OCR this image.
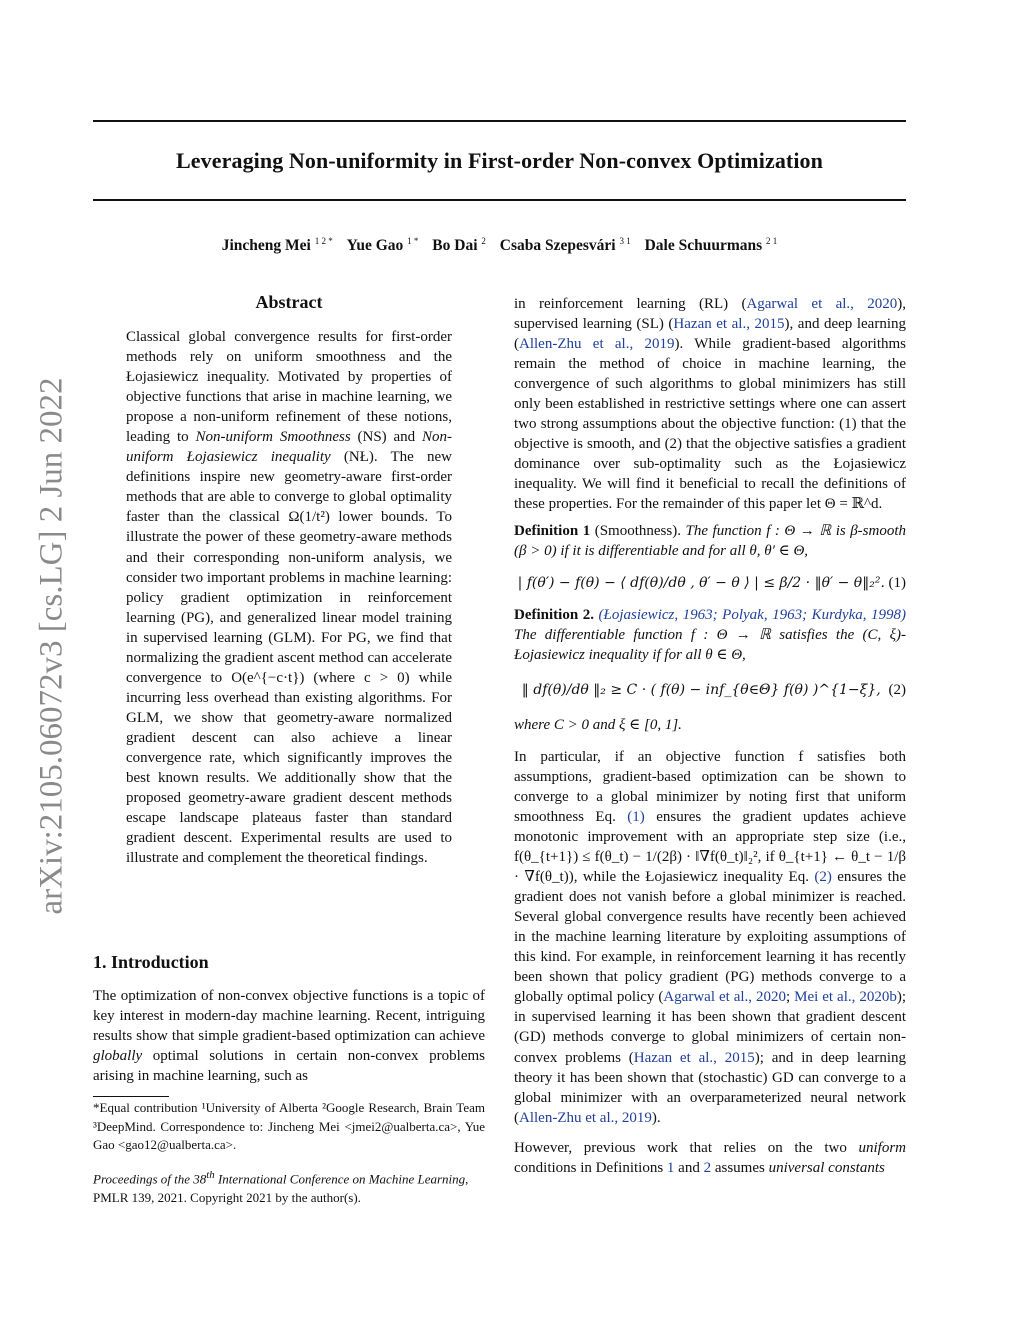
Leveraging Non-uniformity in First-order Non-convex Optimization
Jincheng Mei $^{1 2 *}$ Yue Gao $^{1 *}$ Bo Dai $^2$ Csaba Szepesvári $^{3 1}$ Dale Schuurmans $^{2 1}$
arXiv:2105.06072v3 [cs.LG] 2 Jun 2022
Abstract

Classical global convergence results for first-order methods rely on uniform smoothness and the Łojasiewicz inequality. Motivated by properties of objective functions that arise in machine learning, we propose a non-uniform refinement of these notions, leading to Non-uniform Smoothness (NS) and Non-uniform Łojasiewicz inequality (NŁ). The new definitions inspire new geometry-aware first-order methods that are able to converge to global optimality faster than the classical Ω(1/t²) lower bounds. To illustrate the power of these geometry-aware methods and their corresponding non-uniform analysis, we consider two important problems in machine learning: policy gradient optimization in reinforcement learning (PG), and generalized linear model training in supervised learning (GLM). For PG, we find that normalizing the gradient ascent method can accelerate convergence to O(e^{−c·t}) (where c > 0) while incurring less overhead than existing algorithms. For GLM, we show that geometry-aware normalized gradient descent can also achieve a linear convergence rate, which significantly improves the best known results. We additionally show that the proposed geometry-aware gradient descent methods escape landscape plateaus faster than standard gradient descent. Experimental results are used to illustrate and complement the theoretical findings.

1. Introduction

The optimization of non-convex objective functions is a topic of key interest in modern-day machine learning. Recent, intriguing results show that simple gradient-based optimization can achieve globally optimal solutions in certain non-convex problems arising in machine learning, such as

*Equal contribution ¹University of Alberta ²Google Research, Brain Team ³DeepMind. Correspondence to: Jincheng Mei <jmei2@ualberta.ca>, Yue Gao <gao12@ualberta.ca>.

Proceedings of the 38th International Conference on Machine Learning, PMLR 139, 2021. Copyright 2021 by the author(s).

in reinforcement learning (RL) (Agarwal et al., 2020), supervised learning (SL) (Hazan et al., 2015), and deep learning (Allen-Zhu et al., 2019). While gradient-based algorithms remain the method of choice in machine learning, the convergence of such algorithms to global minimizers has still only been established in restrictive settings where one can assert two strong assumptions about the objective function: (1) that the objective is smooth, and (2) that the objective satisfies a gradient dominance over sub-optimality such as the Łojasiewicz inequality. We will find it beneficial to recall the definitions of these properties. For the remainder of this paper let Θ = ℝ^d.

Definition 1 (Smoothness). The function f : Θ → ℝ is β-smooth (β > 0) if it is differentiable and for all θ, θ′ ∈ Θ,

| f(θ′) − f(θ) − ⟨ df(θ)/dθ , θ′ − θ ⟩ | ≤ β/2 · ‖θ′ − θ‖₂². (1)

Definition 2. (Łojasiewicz, 1963; Polyak, 1963; Kurdyka, 1998) The differentiable function f : Θ → ℝ satisfies the (C, ξ)-Łojasiewicz inequality if for all θ ∈ Θ,

‖ df(θ)/dθ ‖₂ ≥ C · ( f(θ) − inf_{θ∈Θ} f(θ) )^{1−ξ}, (2)

where C > 0 and ξ ∈ [0, 1].

In particular, if an objective function f satisfies both assumptions, gradient-based optimization can be shown to converge to a global minimizer by noting first that uniform smoothness Eq. (1) ensures the gradient updates achieve monotonic improvement with an appropriate step size (i.e., f(θ_{t+1}) ≤ f(θ_t) − 1/(2β) · ‖∇f(θ_t)‖₂², if θ_{t+1} ← θ_t − 1/β · ∇f(θ_t)), while the Łojasiewicz inequality Eq. (2) ensures the gradient does not vanish before a global minimizer is reached. Several global convergence results have recently been achieved in the machine learning literature by exploiting assumptions of this kind. For example, in reinforcement learning it has recently been shown that policy gradient (PG) methods converge to a globally optimal policy (Agarwal et al., 2020; Mei et al., 2020b); in supervised learning it has been shown that gradient descent (GD) methods converge to global minimizers of certain non-convex problems (Hazan et al., 2015); and in deep learning theory it has been shown that (stochastic) GD can converge to a global minimizer with an overparameterized neural network (Allen-Zhu et al., 2019).

However, previous work that relies on the two uniform conditions in Definitions 1 and 2 assumes universal constants
